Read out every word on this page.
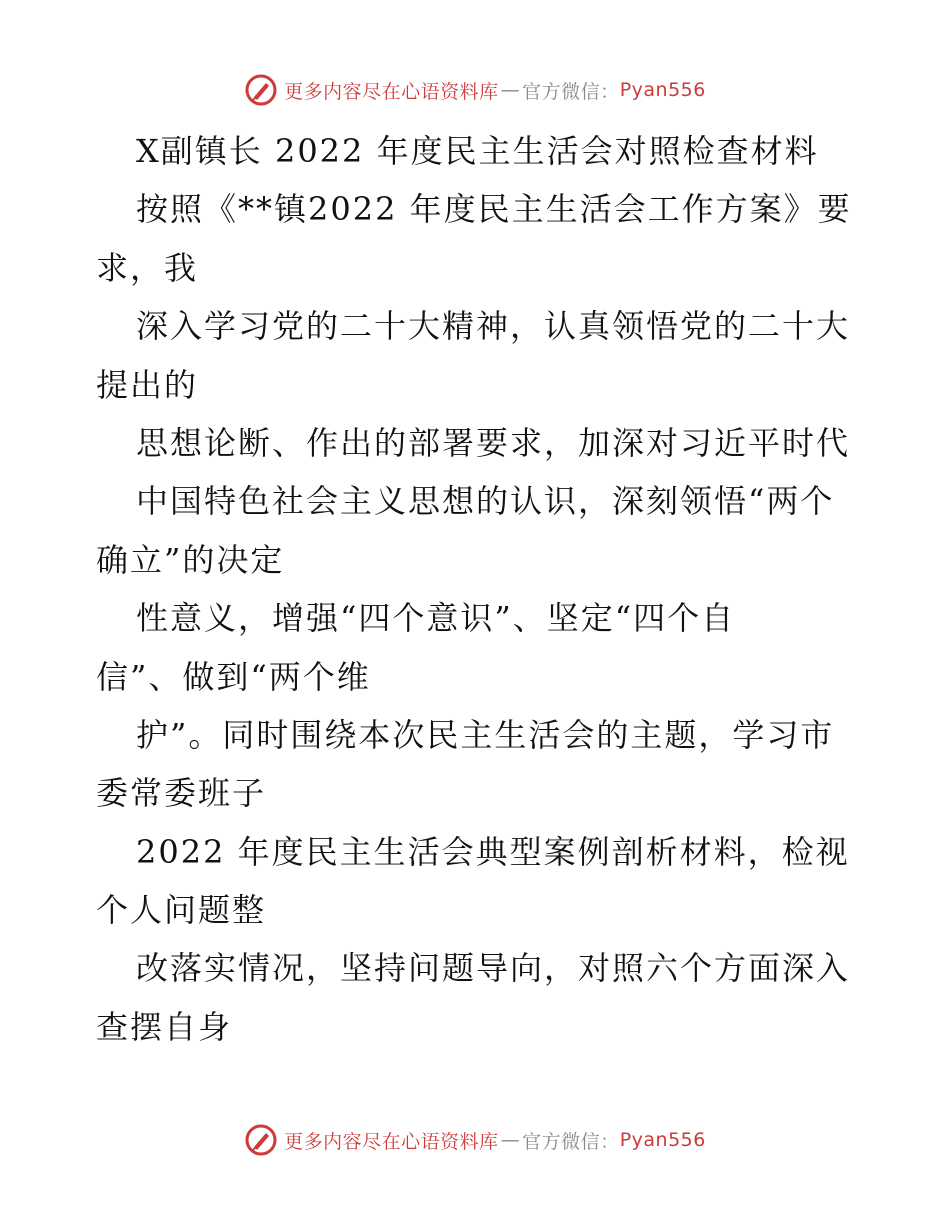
更多内容尽在心语资料库 — 官方微信： Pyan556
X副镇长 2022 年度民主生活会对照检查材料
按照《**镇2022 年度民主生活会工作方案》要
求，我
深入学习党的二十大精神，认真领悟党的二十大
提出的
思想论断、作出的部署要求，加深对习近平时代
中国特色社会主义思想的认识，深刻领悟“两个
确立”的决定
性意义，增强“四个意识”、坚定“四个自
信”、做到“两个维
护”。同时围绕本次民主生活会的主题，学习市
委常委班子
2022 年度民主生活会典型案例剖析材料，检视
个人问题整
改落实情况，坚持问题导向，对照六个方面深入
查摆自身
更多内容尽在心语资料库 — 官方微信： Pyan556
